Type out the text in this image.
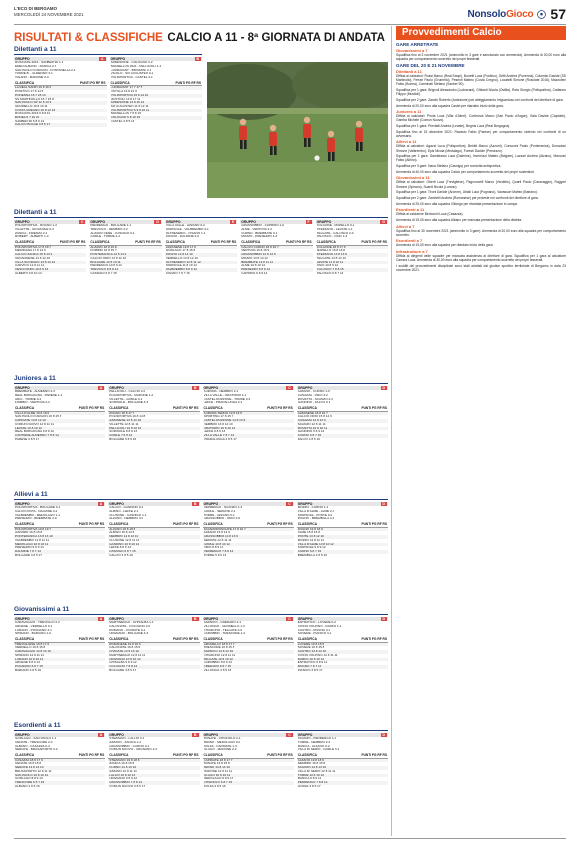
L'ECO DI BERGAMO
MERCOLEDÌ 24 NOVEMBRE 2021	NonsoloGioco 57
RISULTATI & CLASSIFICHE CALCIO A 11 - 8ª GIORNATA DI ANDATA
Dilettanti a 11
GRUPPO	A
ROSCIATE 2016 - SANBER 90 1-1
EDEN ALBANO - RANICA 2-3
SAN PAOLO D'ARGON - FONTANELLA 2-1
TORRE B. - ALMENNO 3-1
VIGANO - MADONE 0-0
CLASSIFICA	PUNTI PG RF RS
LA REAL SANPI 19 8 16 6
POSITIVO 17 8 14 5
PONENNA 16 7 23 13
SS MARTINOLLO 16 7 15 8
SAN PAOLO SP 12 8 13 9
GRUMELLO 10 8 10 11
COSTA CREGNO 10 8 12 13
ROSCIATE 2016 9 8 8 10
BONEA 6 7 10 20
SANBER 90 5 8 9 14
CALCIO BOLGE 3 8 5 17
GRUPPO	B
ARDESIONE - COLOGNO 2-2
BRANELLUS 2021 - PELLICIOLI 1-1
LODRAVANT - BROZZINI 2-1
VIGOLO - SIX AUGUSTEO 0-2
POLISPORTIVA - CASTEL 3-1
CLASSIFICA	PUNTI PG RF RS
LUDRAVANT 17 7 17 5
OSTILLA 16 8 21 9
POLISPORTIVA 15 8 14 10
MUSTIOLI 14 8 17 11
ARDESIONE 13 8 15 12
SIX AUGUSTEO 11 8 12 11
POLISPORTIVA S 9 8 10 12
BRANELLUS 7 8 8 15
COLOGNO 6 8 10 16
CASTEL 3 8 5 18
Dilettanti a 11
GRUPPO	C
POLISPORTIVA - ROGNO 1-2
VILLETTE - GIOVANILE 0-3
ZANICA - FIDENZA 2-2
ROBERT - ALBERTI 1-0
CLASSIFICA	PUNTI PG RF RS
POLISPORTIVA 17 8 18 7
MERIDIANA 17 8 14 6
CALCIO ZANICA 15 8 13 9
URGNANESE 14 8 12 10
VILLA SCODIGIO 13 8 14 12
CARVICO 12 8 11 12
VESCOVADO 10 8 9 13
ALBERTI 9 8 10 14
GRUPPO	D
PEDRENGO - BOLGARE 1-1
TREVIOLO - NEMBRO 3-2
ALZANO CENE - CASNIGO 0-1
GORLE - TORRE 2-2
CLASSIFICA	PUNTI PG RF RS
ALZANO 18 8 19 8
FIOBBIO 16 8 15 7
PONTERANICA 14 8 14 9
CALCIO ORIO 13 8 12 10
BOLGARE 12 8 13 11
PEDRENGO 10 8 9 12
TREVIOLO 8 8 8 14
CASNIGO 6 8 7 15
GRUPPO	E
VILLA VALLE - AZZANO 0-2
SORISOLE - VALBREMBO 3-1
OLTRESERIO - CISANO 1-1
ZOGNO - DALMINE 2-0
CLASSIFICA	PUNTI PG RF RS
AZZANESE 19 8 17 6
GORLAGO 17 8 16 8
ZOGNO 14 8 14 10
VERDELLO 13 8 12 10
OLTRESERIO 12 8 11 12
SORISOLE 11 8 10 12
VALBREMBO 8 8 9 14
CISANO 7 8 7 15
GRUPPO	F
GRASSOBBIO - CAPRINO 1-0
ALME - VERTOVA 2-2
CURNO - BREMBATE 0-1
MOZZO - PRESEZZO 3-3
CLASSIFICA	PUNTI PG RF RS
CALCIO CURNO 18 8 16 7
VERTOVA 16 8 15 9
GRASSOBBIO 14 8 13 9
MOZZO 13 8 14 12
BREMBATE 12 8 11 11
ALME 10 8 10 12
PRESEZZO 8 8 9 14
CAPRINO 6 8 6 14
GRUPPO	G
FOLGORE - MAPELLO 0-2
STEZZANO - LEVATE 1-1
TELGATE - CALUSCO 2-0
PALOSCO - OSIO 1-3
CLASSIFICA	PUNTI PG RF RS
FOLGORE 18 8 17 6
MAPELLO 16 8 16 8
STEZZANO 14 8 13 9
TELGATE 13 8 12 10
LEVATE 11 8 10 11
OSIO 10 8 9 12
CALUSCO 7 8 8 15
PALOSCO 6 8 7 14
Juniores a 11
GRUPPO	A
BREMBATE - ALMENNO 2-3
REAL BORGOGNA - PARESE 1-1
ARCI - TORRE 0-4
FIOBBIO - VERTOVA 2-2
CLASSIFICA	PUNTI PG RF RS
VILLA D'ALME 19 8 18 6
SAN PAOLO D'ARGON 16 8 15 8
CAPRIATE 13 8 12 10
COMUN NUOVO 12 8 11 11
LEVATE 10 8 10 12
REAL BORGOGNA 9 8 9 12
CANTIERE ALMENNO 7 8 8 14
PARESE 3 8 5 17
GRUPPO	B
PELLICIOLI - CALCIO 2-0
POLISPORTIVA - MADONE 1-2
VILLETTE - GORLE 0-1
SORISOLE - BOLGARE 3-3
CLASSIFICA	PUNTI PG RF RS
ZOGNO 18 8 17 7
POLISPORTIVA 16 8 14 8
AZZANESE 13 8 13 10
VILLETTE 12 8 11 11
PELLICIOLI 10 8 10 12
SORISOLE 8 8 9 13
GORLE 7 8 8 14
BOLGARE 5 8 6 16
GRUPPO	C
AURORA - NEMBRO 2-1
VILLA VALLE - ORATORIO 1-1
CASTEL ROZZONE - TORRE 0-3
LEFFE - PRADALUNGA 2-2
CLASSIFICA	PUNTI PG RF RS
AURORA TERNO 19 8 16 5
SPORTING 17 8 15 7
CASTEL ROZZONE 14 8 13 9
NEMBRO 13 8 12 10
ORATORIO 10 8 10 12
LEFFE 9 8 9 13
VILLA VALLE 7 8 7 14
PRADALUNGA 4 8 5 17
GRUPPO	D
ALBANO - CURNO 1-0
CASAZZA - ORIO 3-2
ROVETTA - SCANZO 2-2
GANDINO - FALCO 0-1
CLASSIFICA	PUNTI PG RF RS
ALBANESE 18 8 16 7
CALCIO ORIO 15 8 14 9
CASAZZA 14 8 13 9
SCANZO 12 8 11 11
ROVETTA 10 8 10 12
GANDINO 9 8 9 12
CURNO 6 8 7 15
FALCO 4 8 5 16
Allievi a 11
GRUPPO	A
POLISPORTIVA - BOLGARE 3-1
CALCIO ROTA - DALMINE 0-2
VALBREMBO - MEDOLAGO 1-1
PRESEZZO - BREMBATE 2-0
CLASSIFICA	PUNTI PG RF RS
POLISPORTIVA 19 8 19 7
AZZURRI 16 8 15 8
PONTERANICA 13 8 13 10
VALBREMBO 12 8 11 11
MEDOLAGO 10 8 10 12
PRESEZZO 9 8 9 13
DALMINE 7 8 7 14
BOLGARE 3 8 5 17
GRUPPO	B
CALCIO - GANDINO 0-2
ALBINO - LEFFE 2-1
CLUSONE - CASNIGO 1-1
ALZANO - NEMBRO 3-0
CLASSIFICA	PUNTI PG RF RS
ALZANO 18 8 18 6
ALBINO 16 8 14 8
NEMBRO 14 8 13 10
CLUSONE 12 8 11 11
GANDINO 10 8 10 12
LEFFE 8 8 9 13
CASNIGO 6 8 7 15
CALCIO 4 8 5 16
GRUPPO	C
PEDRENGO - SCANZO 1-3
GORLE - SERIATE 2-2
TORRE - AZZANO 0-1
GRASSOBBIO - ORIO 2-0
CLASSIFICA	PUNTI PG RF RS
SCANZOROSCIATE 17 8 16 7
AZZANO 15 8 14 9
GRASSOBBIO 14 8 13 9
SERIATE 12 8 11 11
GORLE 10 8 10 12
ORIO 8 8 9 13
PEDRENGO 7 8 8 14
TORRE 5 8 6 16
GRUPPO	D
MOZZO - CURNO 1-1
VILLA D'ALME - ALME 2-3
SORISOLE - PONTE 0-0
ZOGNO - BREMBILLA 4-1
CLASSIFICA	PUNTI PG RF RS
ZOGNO 19 8 18 6
ALME 16 8 15 8
PONTE 13 8 12 10
MOZZO 12 8 11 11
VILLA D'ALME 10 8 10 12
SORISOLE 9 8 9 12
CURNO 6 8 7 15
BREMBILLA 4 8 5 16
Giovanissimi a 11
GRUPPO	A
CARAVAGGIO - TREVIGLIO 2-2
ARCENE - VERDELLO 0-1
LURANO - POGNANO 3-1
SPIRANO - BARIANO 1-0
CLASSIFICA	PUNTI PG RF RS
TREVIGLIESE 18 8 17 6
VERDELLO 16 8 15 8
CARAVAGGIO 14 8 13 10
SPIRANO 12 8 11 11
LURANO 10 8 10 12
ARCENE 8 8 9 13
POGNANO 6 8 7 15
BARIANO 4 8 5 16
GRUPPO	B
MARTINENGO - GHISALBA 1-1
CALCINATE - COLOGNO 2-0
ROMANO - CIVIDATE 0-2
URGNANO - BOLGARE 3-3
CLASSIFICA	PUNTI PG RF RS
ROMANESE 19 8 18 6
CALCINATE 16 8 15 8
CIVIDATE 14 8 13 10
MARTINENGO 12 8 11 11
URGNANO 10 8 10 12
GHISALBA 9 8 9 12
COLOGNO 7 8 8 14
BOLGARE 3 8 5 17
GRUPPO	C
SARNICO - CREDARO 2-1
VILLONGO - GRUMELLO 1-3
CHIUDUNO - TELGATE 0-0
CAROBBIO - TRESCORE 1-2
CLASSIFICA	PUNTI PG RF RS
GRUMELLO 18 8 17 7
TRESCORE 16 8 15 8
SARNICO 14 8 13 10
CHIUDUNO 12 8 11 11
TELGATE 10 8 10 12
CAROBBIO 8 8 9 13
CREDARO 6 8 7 15
VILLONGO 4 8 5 16
GRUPPO	D
ENTRATICO - LOVERE 0-2
COSTA VOLPINO - DARFO 1-1
CASTRO - ROGNO 2-0
SOVERE - PIANICO 3-2
CLASSIFICA	PUNTI PG RF RS
LOVERE 19 8 18 6
SOVERE 16 8 15 8
CASTRO 13 8 12 10
COSTA VOLPINO 12 8 11 11
DARFO 10 8 10 12
ENTRATICO 9 8 9 12
ROGNO 7 8 7 14
PIANICO 3 8 5 17
Esordienti a 11
GRUPPO	A
GORLAGO - SAN PAOLO 1-1
CENATE - TRESCORE 2-0
ALBANO - CASAZZA 0-3
SERIATE - BRUSAPORTO 2-2
CLASSIFICA	PUNTI PG RF RS
CASAZZA 18 8 17 6
CENATE 16 8 15 8
SERIATE 14 8 13 10
BRUSAPORTO 12 8 11 11
SAN PAOLO 10 8 10 12
GORLAGO 8 8 9 13
TRESCORE 6 8 7 15
ALBANO 4 8 5 16
GRUPPO	B
STEZZANO - LALLIO 3-1
AZZANO - ZANICA 1-2
GRASSOBBIO - CURNO 0-1
COMUN NUOVO - URGNANO 2-2
CLASSIFICA	PUNTI PG RF RS
STEZZANO 19 8 18 6
ZANICA 16 8 15 8
CURNO 14 8 13 10
AZZANO 12 8 11 11
LALLIO 10 8 10 12
URGNANO 9 8 9 12
GRASSOBBIO 7 8 8 14
COMUN NUOVO 3 8 5 17
GRUPPO	C
BONATE - CHIGNOLO 2-1
TERNO - MEDOLAGO 0-0
SOLZA - CAPRIATE 1-3
FILAGO - MADONE 2-2
CLASSIFICA	PUNTI PG RF RS
CAPRIATE 18 8 17 7
BONATE 16 8 15 8
TERNO 14 8 13 10
MADONE 12 8 11 11
FILAGO 10 8 10 12
MEDOLAGO 8 8 9 13
CHIGNOLO 6 8 7 15
SOLZA 4 8 5 16
GRUPPO	D
SCANZO - PEDRENGO 1-0
TORRE - NEMBRO 2-2
RANICA - ALZANO 0-2
VILLA DI SERIO - GORLE 3-1
CLASSIFICA	PUNTI PG RF RS
ALZANO 19 8 18 6
NEMBRO 16 8 15 8
SCANZO 14 8 13 10
VILLA DI SERIO 12 8 11 11
TORRE 10 8 10 12
RANICA 9 8 9 12
PEDRENGO 7 8 8 14
GORLE 3 8 5 17
Provvedimenti Calcio
GARE ARRETRATE
Giovanissimi a 7

Squalifica fino al 3 novembre 2021 (ammonito in 3 gare e sanzionato con ammenda). Ammenda di 30,00 euro alla squadra per comportamento scorretto dei propri tesserati.

GARE DEL 20 E 21 NOVEMBRE
Dilettanti a 11

Diffida ai calciatori: Rossi Marco (Real Sanpi), Bonetti Luca (Positivo), Gritti Andrea (Ponenna), Colombo Davide (SS Martinollo), Ferrari Paolo (Grumello), Pesenti Matteo (Costa Cregno), Locatelli Simone (Rosciate 2016), Mazzoleni Fabio (Bonea), Carminati Stefano (Sanber 90).

Squalifica per 1 gara: Brignoli Alessandro (Ludravant), Ghilardi Nicola (Ostilla), Rota Giorgio (Polisportiva), Cattaneo Filippo (Mustioli).

Squalifica per 2 gare: Zanchi Roberto (Ardesione) per atteggiamento irriguardoso nei confronti del direttore di gara.

Ammenda di 20,00 euro alla squadra Castel per ritardato inizio della gara.

Juniores a 11

Diffida ai calciatori: Pirola Luca (Villa d'Almè), Cortinovis Marco (San Paolo d'Argon), Sala Davide (Capriate), Gamba Michele (Comun Nuovo).

Squalifica per 1 gara: Previtali Andrea (Levate), Begnis Luca (Real Borgogna).

Squalifica fino al 15 dicembre 2021: Ravasio Fabio (Parese) per comportamento violento nei confronti di un avversario.

Allievi a 11

Diffida ai calciatori: Agazzi Luca (Polisportiva), Belotti Marco (Azzurri), Consonni Paolo (Ponteranica), Donadoni Simone (Valbrembo), Epis Nicola (Medolago), Foresti Davide (Presezzo).

Squalifica per 1 gara: Gambirasio Luca (Dalmine), Invernizzi Matteo (Bolgare), Lazzari Andrea (Alzano), Manzoni Fabio (Albino).

Squalifica per 3 gare: Nava Stefano (Casnigo) per condotta antisportiva.

Ammenda di 40,00 euro alla squadra Calcio per comportamento scorretto dei propri sostenitori.

Giovanissimi a 11

Diffida ai calciatori: Oberti Luca (Trevigliese), Pagnoncelli Marco (Verdello), Quarti Paolo (Caravaggio), Ruggeri Simone (Spirano), Suardi Nicola (Lurano).

Squalifica per 1 gara: Tironi Davide (Arcene), Ubiali Luca (Pognano), Vavassori Matteo (Bariano).

Squalifica per 2 gare: Zambelli Andrea (Romanese) per proteste nei confronti del direttore di gara.

Ammenda di 25,00 euro alla squadra Villongo per ritardata presentazione in campo.

Esordienti a 11

Diffida al calciatore Bertocchi Luca (Casazza).

Ammenda di 15,00 euro alla squadra Albano per mancata presentazione della distinta.

Allievi a 7

Squalifica fino al 30 novembre 2021 (ammonito in 3 gare). Ammenda di 20,00 euro alla squadra per comportamento scorretto.

Esordienti a 7

Ammenda di 15,00 euro alla squadra per ritardato inizio della gara.

Infrastrutture a 7

Diffida ai dirigenti delle squadre per mancata assistenza al direttore di gara. Squalifica per 1 gara al calciatore Carrara Luca. Ammenda di 30,00 euro alla squadra per comportamento scorretto dei propri tesserati.

I sudditi dei provvedimenti disciplinari sono stati adottati dal giudice sportivo territoriale di Bergamo in data 23 novembre 2021.
